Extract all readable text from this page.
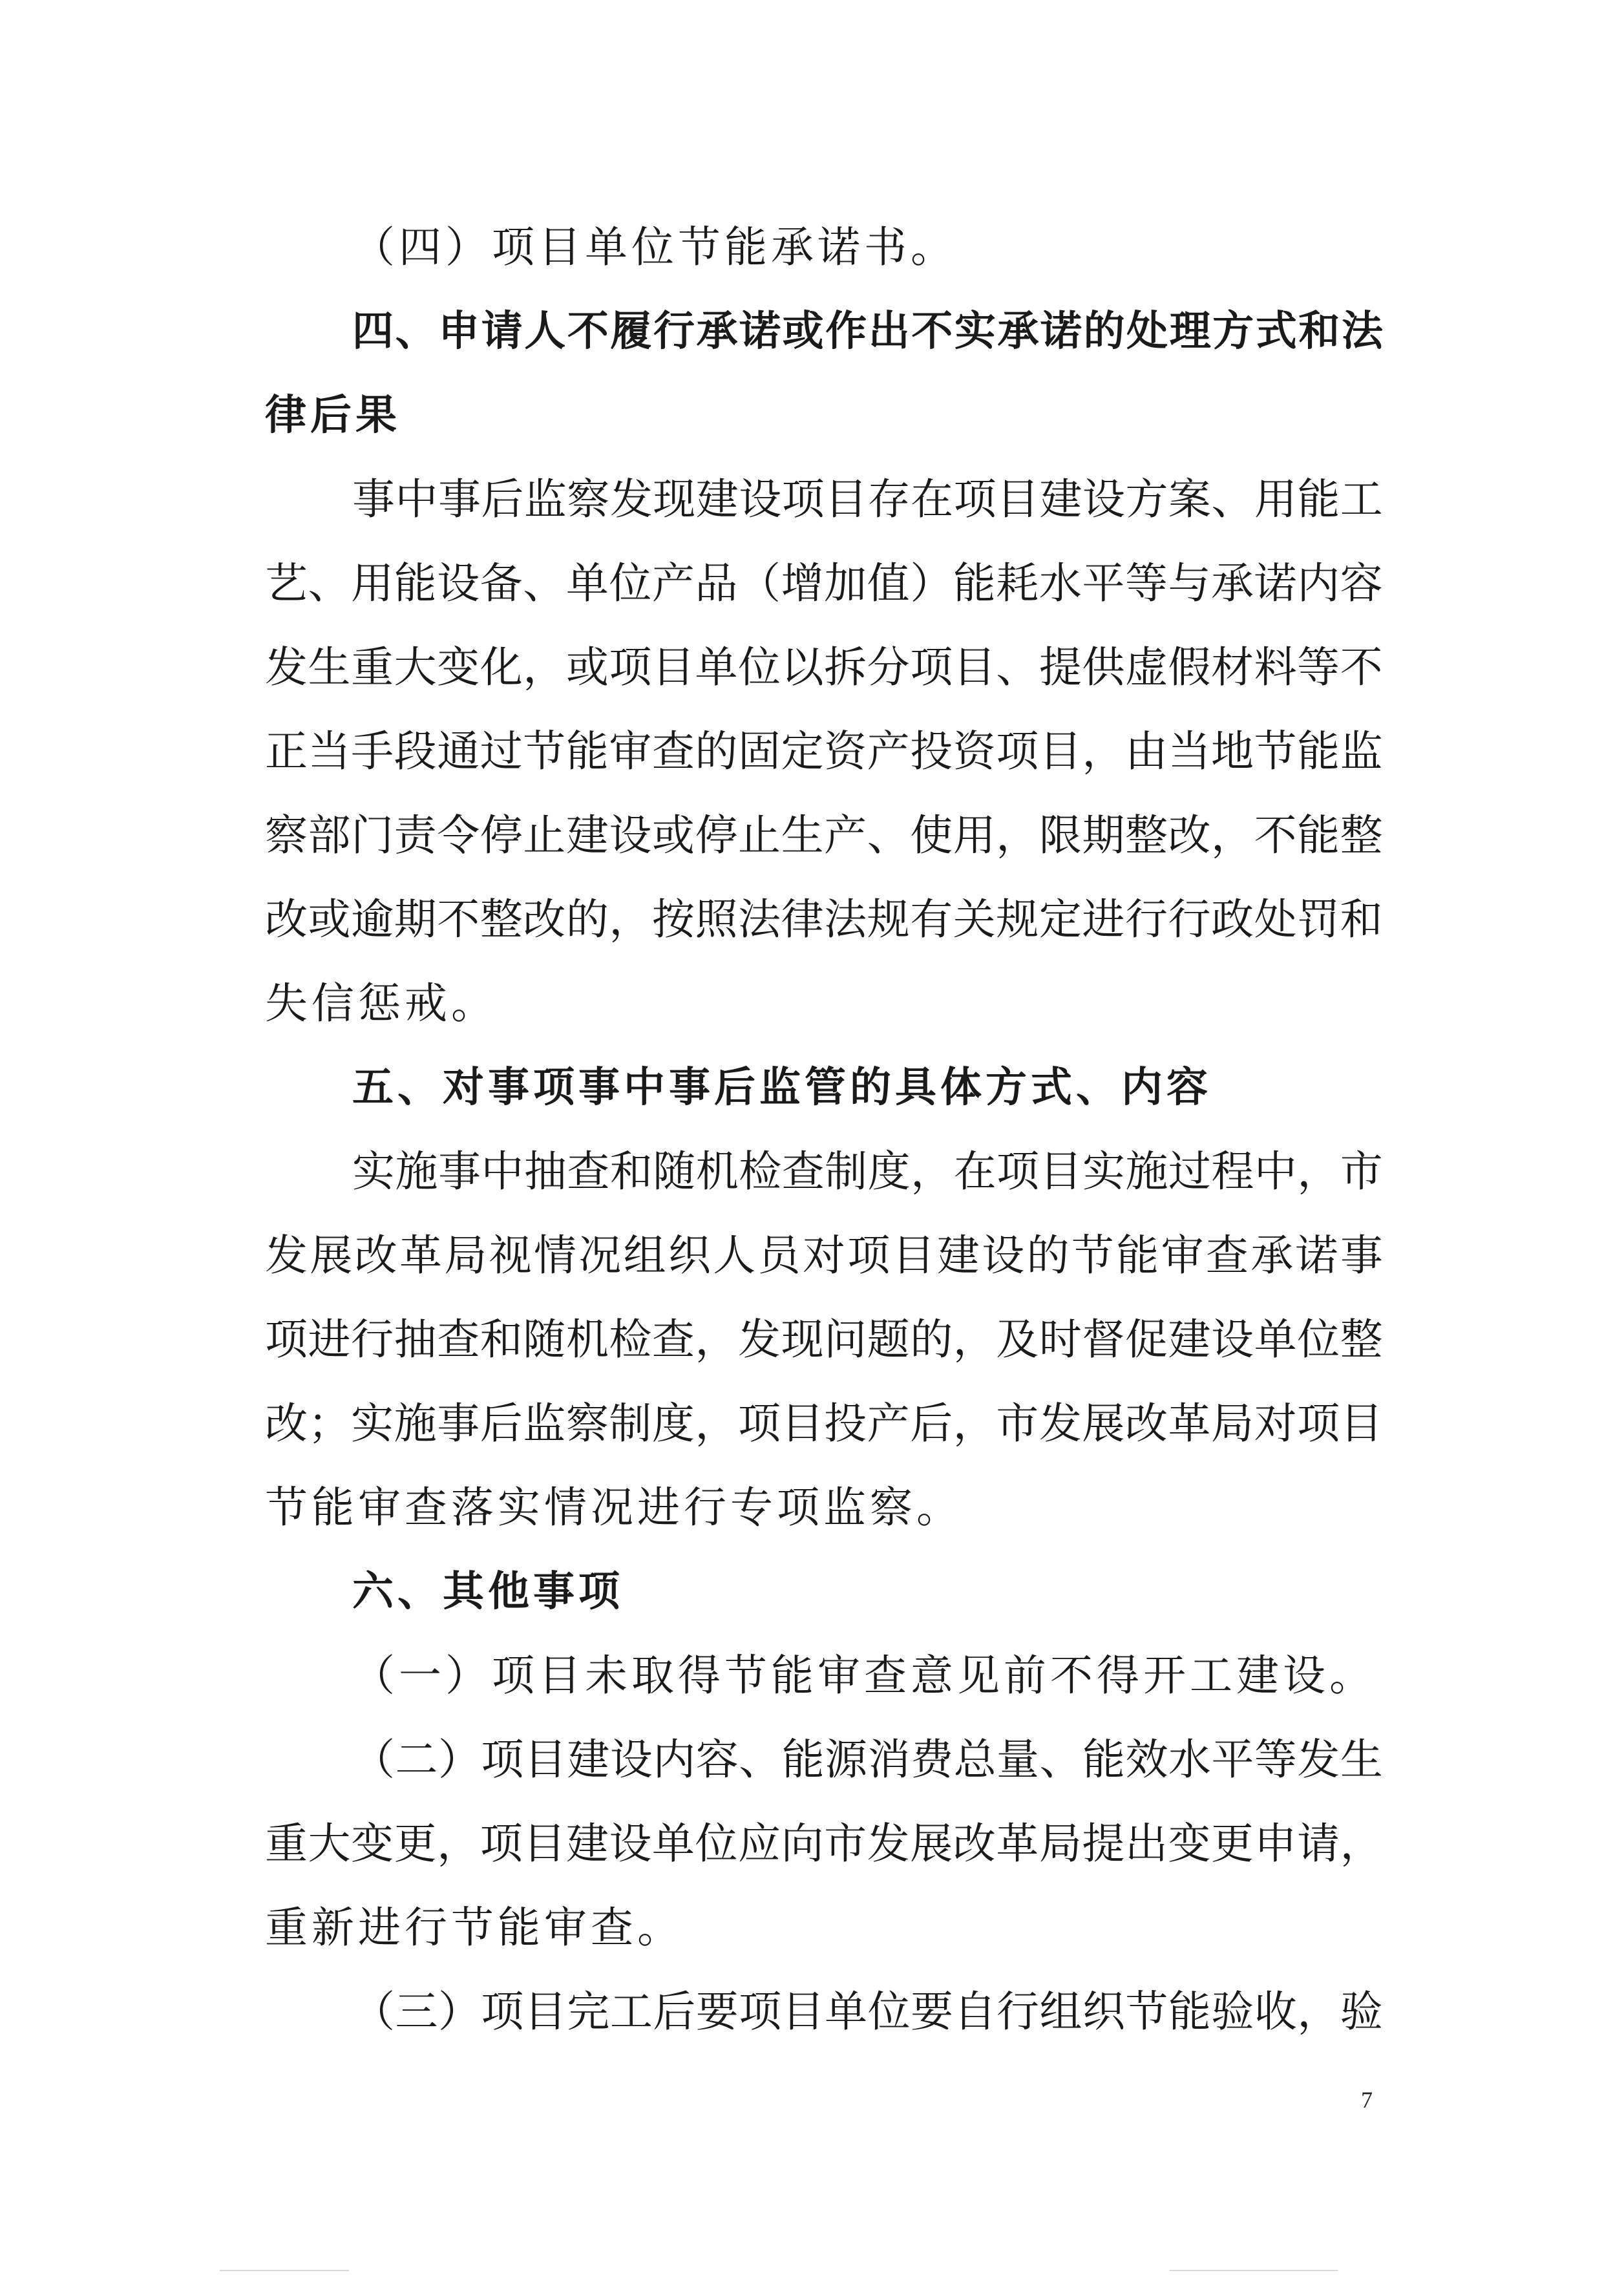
（四）项目单位节能承诺书。
四 、 申 请 人 不 履 行 承 诺 或 作 出 不 实 承 诺 的 处 理 方 式 和 法
律后果
事 中 事 后 监 察 发 现 建 设 项 目 存 在 项 目 建 设 方 案 、 用 能 工
艺 、 用 能 设 备 、 单 位 产 品 （ 增 加 值 ） 能 耗 水 平 等 与 承 诺 内 容
发 生 重 大 变 化 ， 或 项 目 单 位 以 拆 分 项 目 、 提 供 虚 假 材 料 等 不
正 当 手 段 通 过 节 能 审 查 的 固 定 资 产 投 资 项 目 ， 由 当 地 节 能 监
察 部 门 责 令 停 止 建 设 或 停 止 生 产 、 使 用 ， 限 期 整 改 ， 不 能 整
改 或 逾 期 不 整 改 的 ， 按 照 法 律 法 规 有 关 规 定 进 行 行 政 处 罚 和
失信惩戒。
五、对事项事中事后监管的具体方式、内容
实 施 事 中 抽 查 和 随 机 检 查 制 度 ， 在 项 目 实 施 过 程 中 ， 市
发 展 改 革 局 视 情 况 组 织 人 员 对 项 目 建 设 的 节 能 审 查 承 诺 事
项 进 行 抽 查 和 随 机 检 查 ， 发 现 问 题 的 ， 及 时 督 促 建 设 单 位 整
改 ； 实 施 事 后 监 察 制 度 ， 项 目 投 产 后 ， 市 发 展 改 革 局 对 项 目
节能审查落实情况进行专项监察。
六、其他事项
（一）项目未取得节能审查意见前不得开工建设。
（ 二 ） 项 目 建 设 内 容 、 能 源 消 费 总 量 、 能 效 水 平 等 发 生
重 大 变 更 ， 项 目 建 设 单 位 应 向 市 发 展 改 革 局 提 出 变 更 申 请 ，
重新进行节能审查。
（ 三 ） 项 目 完 工 后 要 项 目 单 位 要 自 行 组 织 节 能 验 收 ， 验
7
